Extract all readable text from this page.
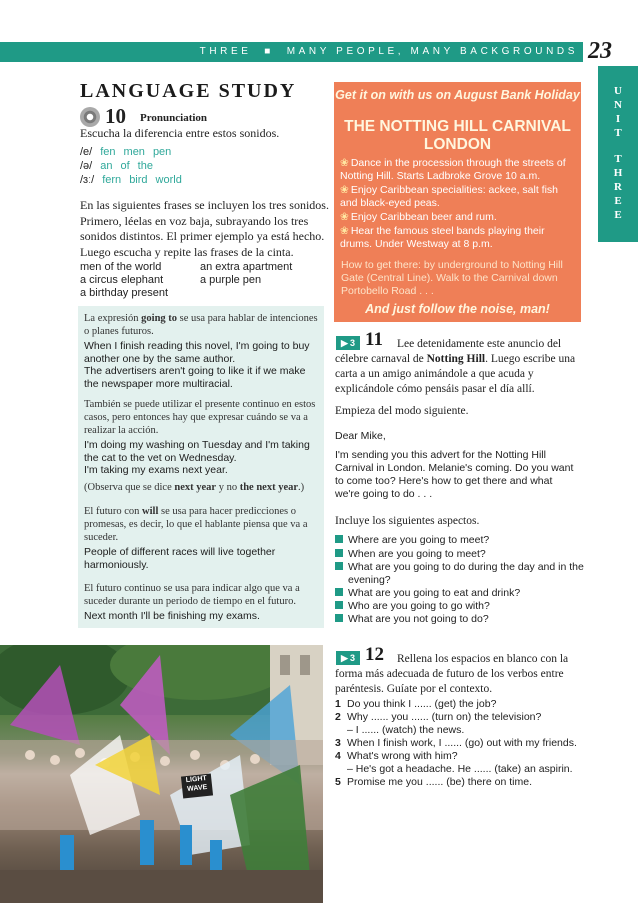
THREE ■ MANY PEOPLE, MANY BACKGROUNDS 23
U
N
I
T
T
H
R
E
E
LANGUAGE STUDY
10 Pronunciation
Escucha la diferencia entre estos sonidos.
/e/ fen men pen
/ə/ an of the
/ɜː/ fern bird world
En las siguientes frases se incluyen los tres sonidos. Primero, léelas en voz baja, subrayando los tres sonidos distintos. El primer ejemplo ya está hecho. Luego escucha y repite las frases de la cinta.
men of the world
a circus elephant
a birthday present
an extra apartment
a purple pen
La expresión going to se usa para hablar de intenciones o planes futuros.
When I finish reading this novel, I'm going to buy another one by the same author.
The advertisers aren't going to like it if we make the newspaper more multiracial.
También se puede utilizar el presente continuo en estos casos, pero entonces hay que expresar cuándo se va a realizar la acción.
I'm doing my washing on Tuesday and I'm taking the cat to the vet on Wednesday.
I'm taking my exams next year.
(Observa que se dice next year y no the next year.)
El futuro con will se usa para hacer predicciones o promesas, es decir, lo que el hablante piensa que va a suceder.
People of different races will live together harmoniously.
El futuro continuo se usa para indicar algo que va a suceder durante un periodo de tiempo en el futuro.
Next month I'll be finishing my exams.
Get it on with us on August Bank Holiday
THE NOTTING HILL CARNIVAL
LONDON
❀ Dance in the procession through the streets of Notting Hill. Starts Ladbroke Grove 10 a.m.
❀ Enjoy Caribbean specialities: ackee, salt fish and black-eyed peas.
❀ Enjoy Caribbean beer and rum.
❀ Hear the famous steel bands playing their drums. Under Westway at 8 p.m.
How to get there: by underground to Notting Hill Gate (Central Line). Walk to the Carnival down Portobello Road . . .
And just follow the noise, man!
▶ 3 11	Lee detenidamente este anuncio del célebre carnaval de Notting Hill. Luego escribe una carta a un amigo animándole a que acuda y explicándole cómo pensáis pasar el día allí.
Empieza del modo siguiente.
Dear Mike,
I'm sending you this advert for the Notting Hill Carnival in London. Melanie's coming. Do you want to come too? Here's how to get there and what we're going to do . . .
Incluye los siguientes aspectos.
Where are you going to meet?
When are you going to meet?
What are you going to do during the day and in the evening?
What are you going to eat and drink?
Who are you going to go with?
What are you not going to do?
▶ 3 12	Rellena los espacios en blanco con la forma más adecuada de futuro de los verbos entre paréntesis. Guíate por el contexto.
1 Do you think I ...... (get) the job?
2 Why ...... you ...... (turn on) the television?
– I ...... (watch) the news.
3 When I finish work, I ...... (go) out with my friends.
4 What's wrong with him?
– He's got a headache. He ...... (take) an aspirin.
5 Promise me you ...... (be) there on time.
LIGHT WAVE
